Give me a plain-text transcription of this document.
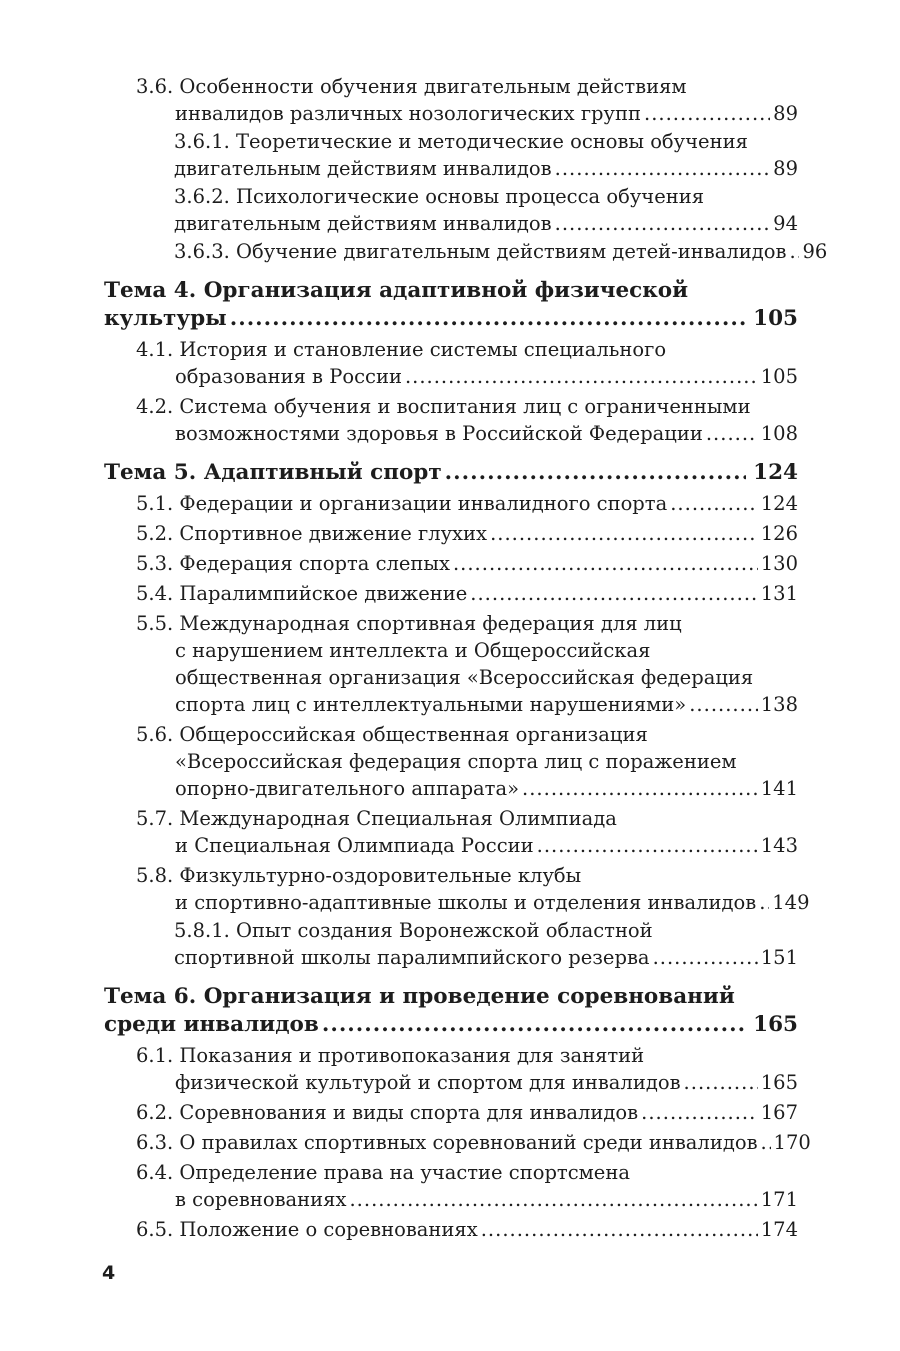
3.6. Особенности обучения двигательным действиям
инвалидов различных нозологических групп .....	89
3.6.1. Теоретические и методические основы обучения
двигательным действиям инвалидов .....	89
3.6.2. Психологические основы процесса обучения
двигательным действиям инвалидов .....	94
3.6.3. Обучение двигательным действиям детей-инвалидов ..... 96
Тема 4. Организация адаптивной физической
культуры .....	105
4.1. История и становление системы специального
образования в России .....	105
4.2. Система обучения и воспитания лиц с ограниченными
возможностями здоровья в Российской Федерации .....	108
Тема 5. Адаптивный спорт .....	124
5.1. Федерации и организации инвалидного спорта .....	124
5.2. Спортивное движение глухих .....	126
5.3. Федерация спорта слепых .....	130
5.4. Паралимпийское движение .....	131
5.5. Международная спортивная федерация для лиц
с нарушением интеллекта и Общероссийская
общественная организация «Всероссийская федерация
спорта лиц с интеллектуальными нарушениями» .....	138
5.6. Общероссийская общественная организация
«Всероссийская федерация спорта лиц с поражением
опорно-двигательного аппарата» .....	141
5.7. Международная Специальная Олимпиада
и Специальная Олимпиада России .....	143
5.8. Физкультурно-оздоровительные клубы
и спортивно-адаптивные школы и отделения инвалидов ..... 149
5.8.1. Опыт создания Воронежской областной
спортивной школы паралимпийского резерва .....	151
Тема 6. Организация и проведение соревнований
среди инвалидов .....	165
6.1. Показания и противопоказания для занятий
физической культурой и спортом для инвалидов .....	165
6.2. Соревнования и виды спорта для инвалидов .....	167
6.3. О правилах спортивных соревнований среди инвалидов ..... 170
6.4. Определение права на участие спортсмена
в соревнованиях .....	171
6.5. Положение о соревнованиях .....	174
4
